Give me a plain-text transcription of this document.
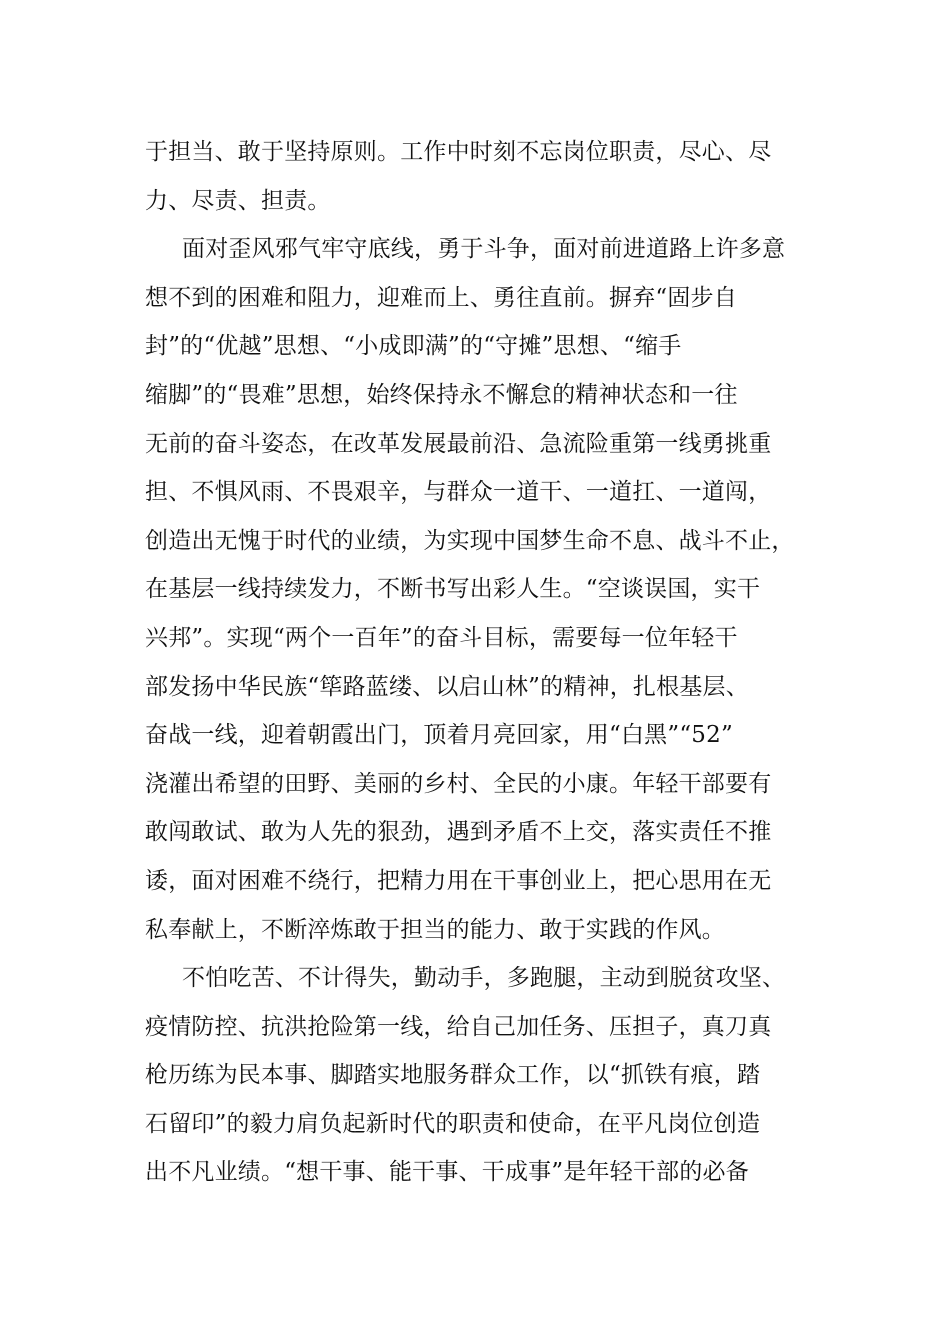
于担当、敢于坚持原则。工作中时刻不忘岗位职责，尽心、尽
力、尽责、担责。
面对歪风邪气牢守底线，勇于斗争，面对前进道路上许多意
想不到的困难和阻力，迎难而上、勇往直前。摒弃“固步自
封”的“优越”思想、“小成即满”的“守摊”思想、“缩手
缩脚”的“畏难”思想，始终保持永不懈怠的精神状态和一往
无前的奋斗姿态，在改革发展最前沿、急流险重第一线勇挑重
担、不惧风雨、不畏艰辛，与群众一道干、一道扛、一道闯，
创造出无愧于时代的业绩，为实现中国梦生命不息、战斗不止，
在基层一线持续发力，不断书写出彩人生。“空谈误国，实干
兴邦”。实现“两个一百年”的奋斗目标，需要每一位年轻干
部发扬中华民族“筚路蓝缕、以启山林”的精神，扎根基层、
奋战一线，迎着朝霞出门，顶着月亮回家，用“白黑”“52”
浇灌出希望的田野、美丽的乡村、全民的小康。年轻干部要有
敢闯敢试、敢为人先的狠劲，遇到矛盾不上交，落实责任不推
诿，面对困难不绕行，把精力用在干事创业上，把心思用在无
私奉献上，不断淬炼敢于担当的能力、敢于实践的作风。
不怕吃苦、不计得失，勤动手，多跑腿，主动到脱贫攻坚、
疫情防控、抗洪抢险第一线，给自己加任务、压担子，真刀真
枪历练为民本事、脚踏实地服务群众工作，以“抓铁有痕，踏
石留印”的毅力肩负起新时代的职责和使命，在平凡岗位创造
出不凡业绩。“想干事、能干事、干成事”是年轻干部的必备
